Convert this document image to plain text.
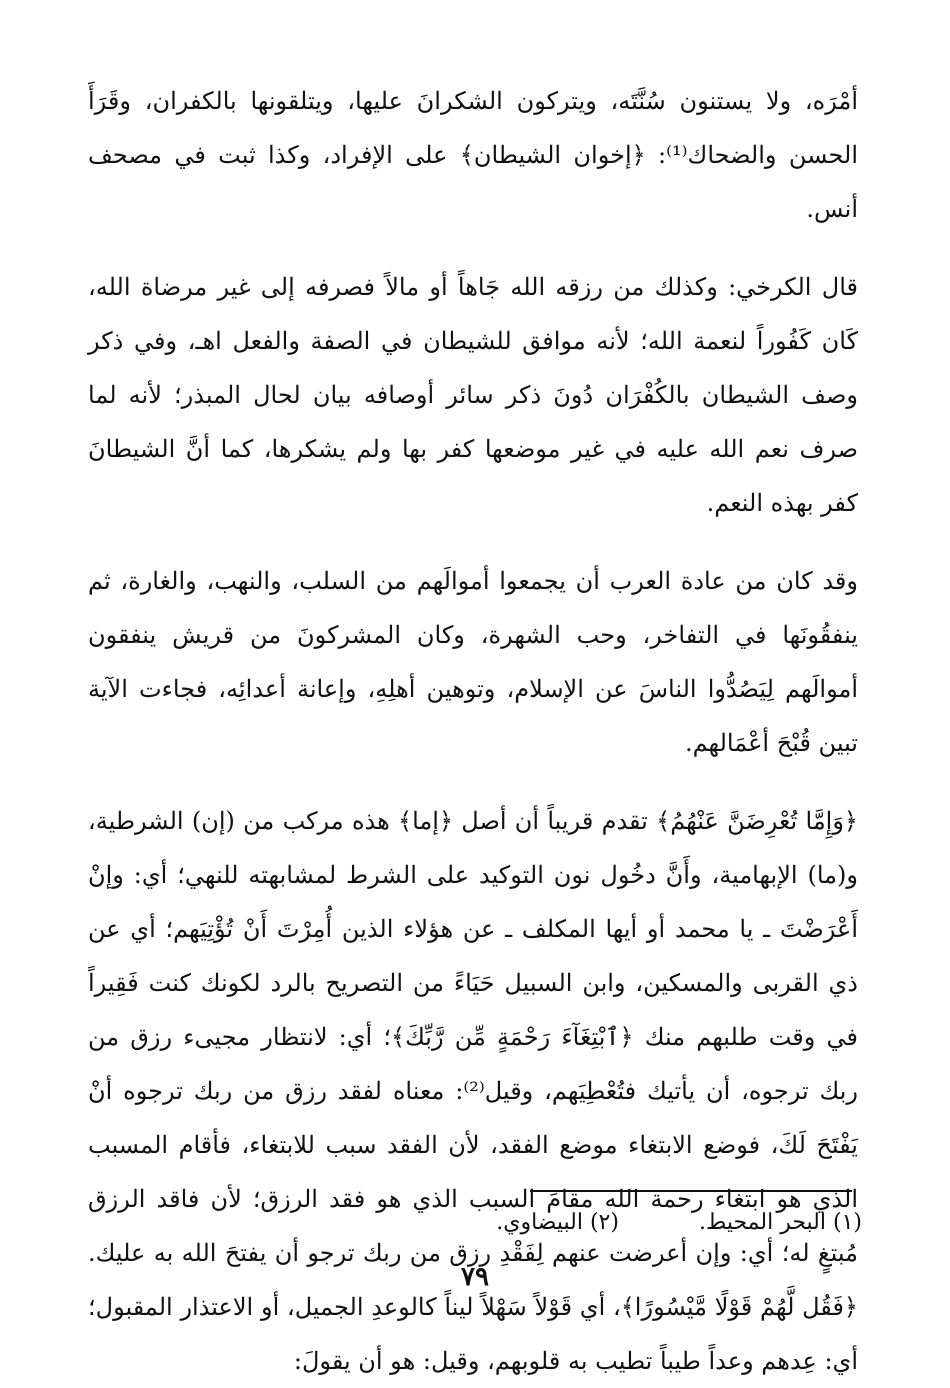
أمْرَه، ولا يستنون سُنَّتَه، ويتركون الشكرانَ عليها، ويتلقونها بالكفران، وقَرَأَ الحسن والضحاك⁽¹⁾: ﴿إخوان الشيطان﴾ على الإفراد، وكذا ثبت في مصحف أنس.

قال الكرخي: وكذلك من رزقه الله جَاهاً أو مالاً فصرفه إلى غير مرضاة الله، كَان كَفُوراً لنعمة الله؛ لأنه موافق للشيطان في الصفة والفعل اهـ، وفي ذكر وصف الشيطان بالكُفْرَان دُونَ ذكر سائر أوصافه بيان لحال المبذر؛ لأنه لما صرف نعم الله عليه في غير موضعها كفر بها ولم يشكرها، كما أنَّ الشيطانَ كفر بهذه النعم.

وقد كان من عادة العرب أن يجمعوا أموالَهم من السلب، والنهب، والغارة، ثم ينفقُونَها في التفاخر، وحب الشهرة، وكان المشركونَ من قريش ينفقون أموالَهم لِيَصُدُّوا الناسَ عن الإسلام، وتوهين أهلِهِ، وإعانة أعدائِه، فجاءت الآية تبين قُبْحَ أعْمَالهم.

﴿وَإِمَّا تُعْرِضَنَّ عَنْهُمُ﴾ تقدم قريباً أن أصل ﴿إما﴾ هذه مركب من (إن) الشرطية، و(ما) الإبهامية، وأَنَّ دخُول نون التوكيد على الشرط لمشابهته للنهي؛ أي: وإنْ أَعْرَضْتَ ـ يا محمد أو أيها المكلف ـ عن هؤلاء الذين أُمِرْتَ أَنْ تُؤْتِيَهم؛ أي عن ذي القربى والمسكين، وابن السبيل حَيَاءً من التصريح بالرد لكونك كنت فَقِيراً في وقت طلبهم منك ﴿ٱبْتِغَآءَ رَحْمَةٍ مِّن رَّبِّكَ﴾؛ أي: لانتظار مجيىء رزق من ربك ترجوه، أن يأتيك فتُعْطِيَهم، وقيل⁽²⁾: معناه لفقد رزق من ربك ترجوه أنْ يَفْتَحَ لَكَ، فوضع الابتغاء موضع الفقد، لأن الفقد سبب للابتغاء، فأقام المسبب الذي هو ابتغاء رحمة الله مقامَ السبب الذي هو فقد الرزق؛ لأن فاقد الرزق مُبتغٍ له؛ أي: وإن أعرضت عنهم لِفَقْدِ رزق من ربك ترجو أن يفتحَ الله به عليك. ﴿فَقُل لَّهُمْ قَوْلًا مَّيْسُورًا﴾، أي قَوْلاً سَهْلاً ليناً كالوعدِ الجميل، أو الاعتذار المقبول؛ أي: عِدهم وعداً طيباً تطيب به قلوبهم، وقيل: هو أن يقولَ:

(١) البحر المحيط.
(٢) البيضاوي.
٧٩
